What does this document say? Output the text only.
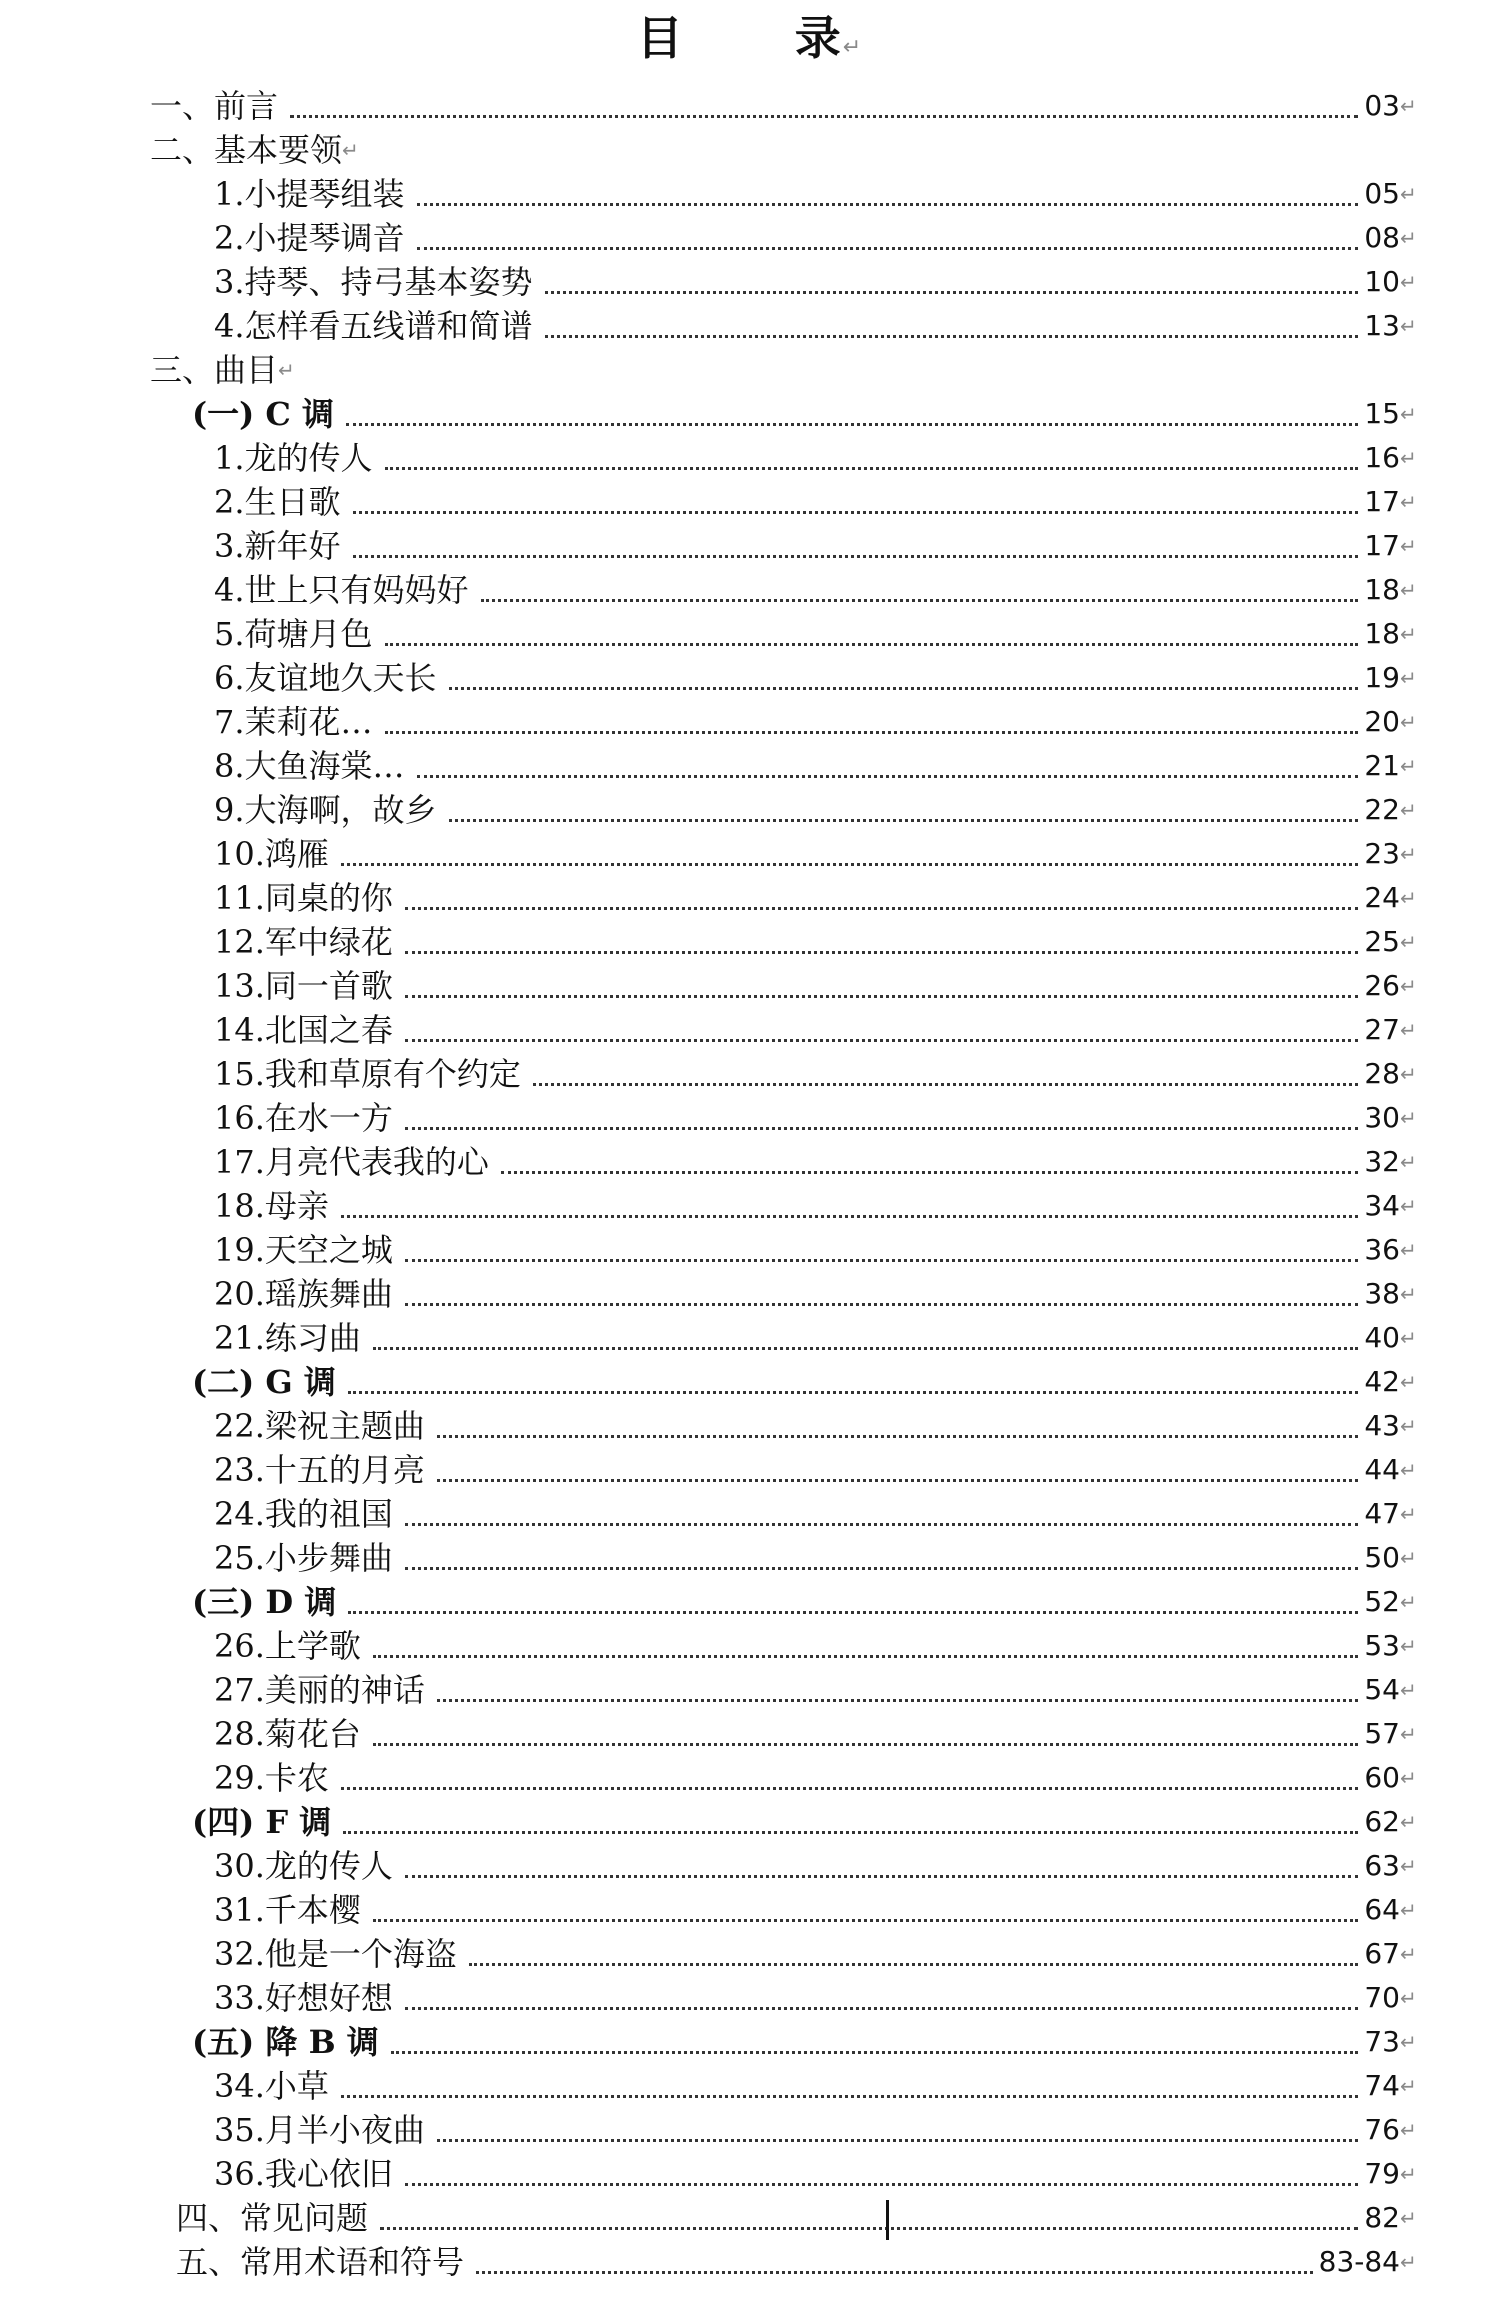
目 录↵
一、前言	03 ↵
二、基本要领 ↵
1.小提琴组装	05 ↵
2.小提琴调音	08 ↵
3.持琴、持弓基本姿势	10 ↵
4.怎样看五线谱和简谱	13 ↵
三、曲目 ↵
(一) C 调	15 ↵
1.龙的传人	16 ↵
2.生日歌	17 ↵
3.新年好	17 ↵
4.世上只有妈妈好	18 ↵
5.荷塘月色	18 ↵
6.友谊地久天长	19 ↵
7.茉莉花…	20 ↵
8.大鱼海棠…	21 ↵
9.大海啊，故乡	22 ↵
10.鸿雁	23 ↵
11.同桌的你	24 ↵
12.军中绿花	25 ↵
13.同一首歌	26 ↵
14.北国之春	27 ↵
15.我和草原有个约定	28 ↵
16.在水一方	30 ↵
17.月亮代表我的心	32 ↵
18.母亲	34 ↵
19.天空之城	36 ↵
20.瑶族舞曲	38 ↵
21.练习曲	40 ↵
(二) G 调	42 ↵
22.梁祝主题曲	43 ↵
23.十五的月亮	44 ↵
24.我的祖国	47 ↵
25.小步舞曲	50 ↵
(三) D 调	52 ↵
26.上学歌	53 ↵
27.美丽的神话	54 ↵
28.菊花台	57 ↵
29.卡农	60 ↵
(四) F 调	62 ↵
30.龙的传人	63 ↵
31.千本樱	64 ↵
32.他是一个海盗	67 ↵
33.好想好想	70 ↵
(五) 降 B 调	73 ↵
34.小草	74 ↵
35.月半小夜曲	76 ↵
36.我心依旧	79 ↵
四、常见问题	82 ↵
五、常用术语和符号	83-84 ↵
